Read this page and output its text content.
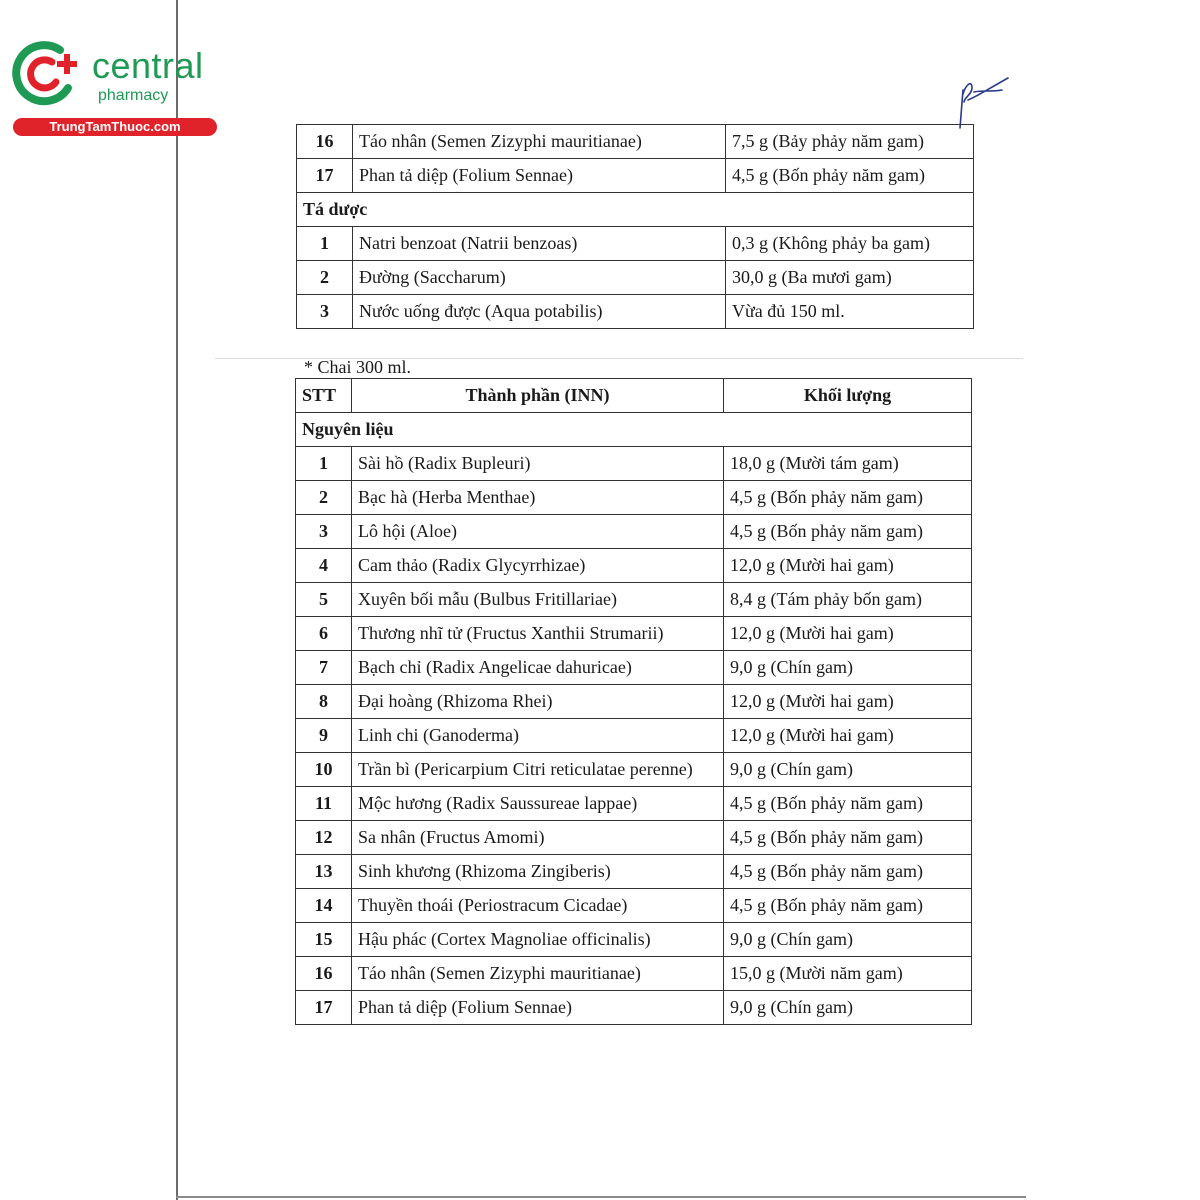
central
pharmacy
TrungTamThuoc.com
16	Táo nhân (Semen Zizyphi mauritianae)	7,5 g (Bảy phảy năm gam)
17	Phan tả diệp (Folium Sennae)	4,5 g (Bốn phảy năm gam)
Tá dược		
1	Natri benzoat (Natrii benzoas)	0,3 g (Không phảy ba gam)
2	Đường (Saccharum)	30,0 g (Ba mươi gam)
3	Nước uống được (Aqua potabilis)	Vừa đủ 150 ml.
* Chai 300 ml.
STT	Thành phần (INN)	Khối lượng
Nguyên liệu		
1	Sài hồ (Radix Bupleuri)	18,0 g (Mười tám gam)
2	Bạc hà (Herba Menthae)	4,5 g (Bốn phảy năm gam)
3	Lô hội (Aloe)	4,5 g (Bốn phảy năm gam)
4	Cam thảo (Radix Glycyrrhizae)	12,0 g (Mười hai gam)
5	Xuyên bối mẫu (Bulbus Fritillariae)	8,4 g (Tám phảy bốn gam)
6	Thương nhĩ tử (Fructus Xanthii Strumarii)	12,0 g (Mười hai gam)
7	Bạch chỉ (Radix Angelicae dahuricae)	9,0 g (Chín gam)
8	Đại hoàng (Rhizoma Rhei)	12,0 g (Mười hai gam)
9	Linh chi (Ganoderma)	12,0 g (Mười hai gam)
10	Trần bì (Pericarpium Citri reticulatae perenne)	9,0 g (Chín gam)
11	Mộc hương (Radix Saussureae lappae)	4,5 g (Bốn phảy năm gam)
12	Sa nhân (Fructus Amomi)	4,5 g (Bốn phảy năm gam)
13	Sinh khương (Rhizoma Zingiberis)	4,5 g (Bốn phảy năm gam)
14	Thuyền thoái (Periostracum Cicadae)	4,5 g (Bốn phảy năm gam)
15	Hậu phác (Cortex Magnoliae officinalis)	9,0 g (Chín gam)
16	Táo nhân (Semen Zizyphi mauritianae)	15,0 g (Mười năm gam)
17	Phan tả diệp (Folium Sennae)	9,0 g (Chín gam)
